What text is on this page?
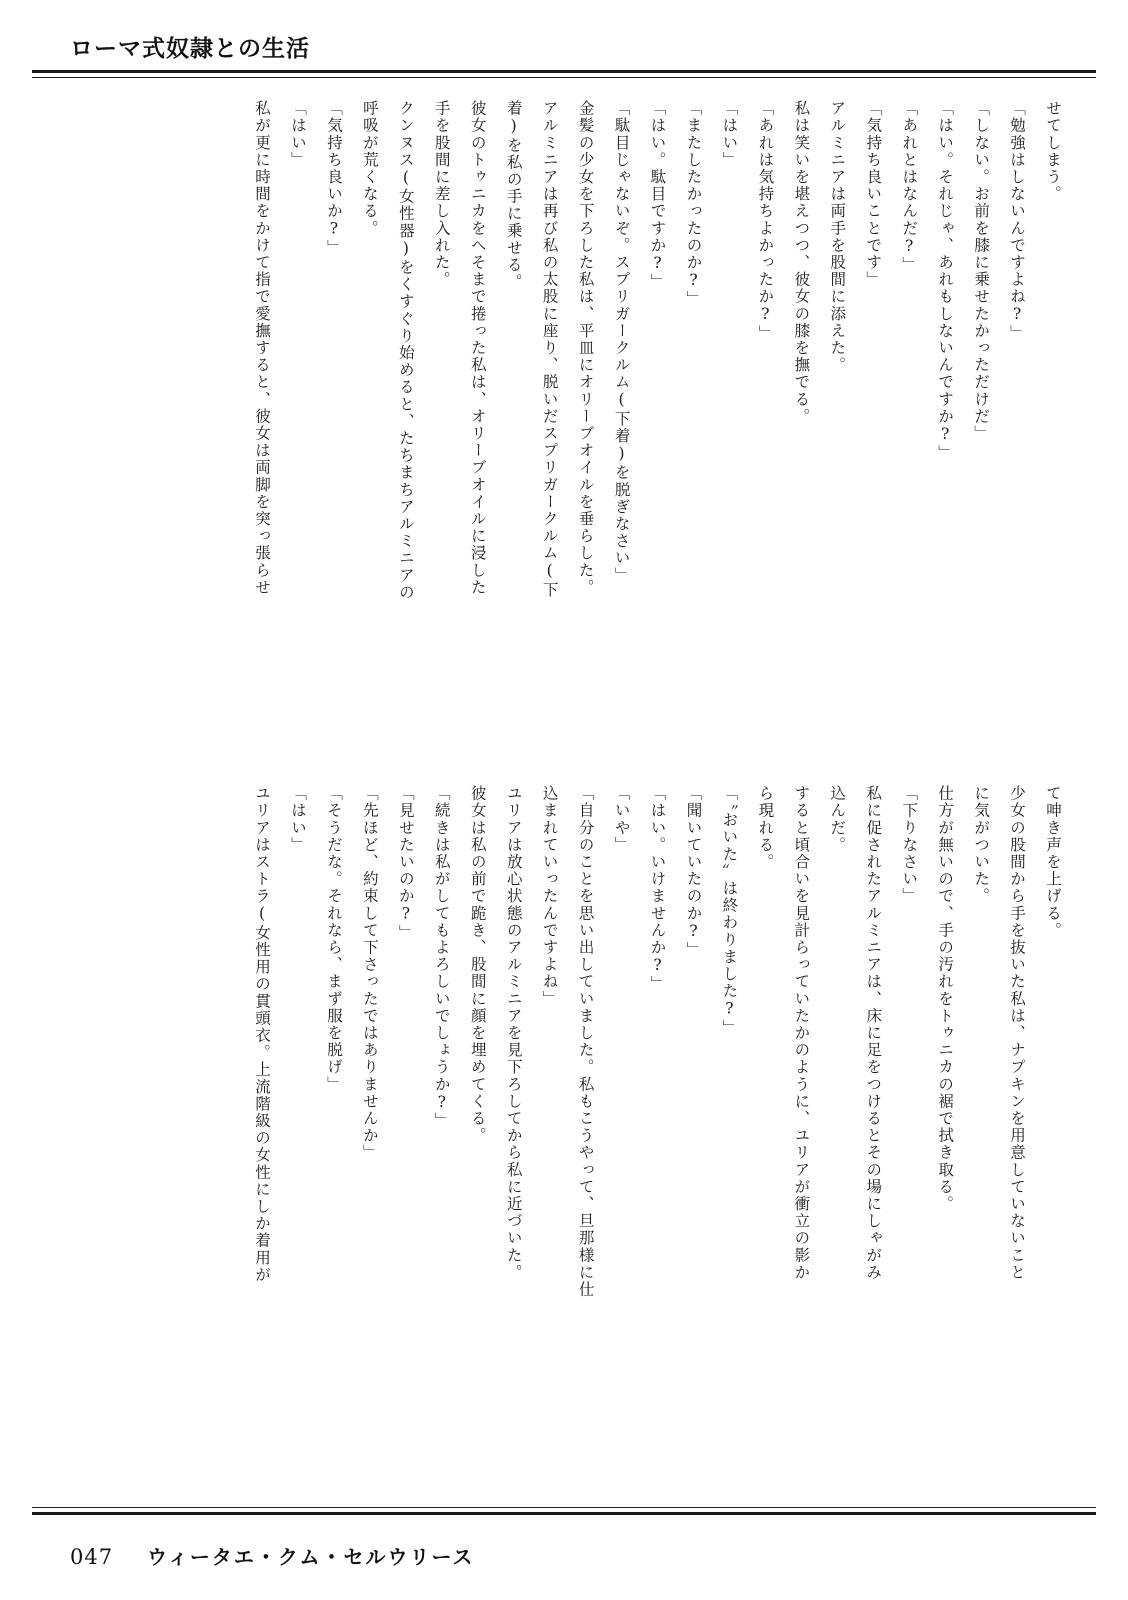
ローマ式奴隷との生活
せてしまう。
「勉強はしないんですよね?」
「しない。お前を膝に乗せたかっただけだ」
「はい。それじゃ、あれもしないんですか?」
「あれとはなんだ?」
「気持ち良いことです」
アルミニアは両手を股間に添えた。
私は笑いを堪えつつ、彼女の膝を撫でる。
「あれは気持ちよかったか?」
「はい」
「またしたかったのか?」
「はい。駄目ですか?」
「駄目じゃないぞ。スプリガークルム(下着)を脱ぎなさい」
金髪の少女を下ろした私は、平皿にオリーブオイルを垂らした。
アルミニアは再び私の太股に座り、脱いだスプリガークルム(下
着)を私の手に乗せる。
彼女のトゥニカをへそまで捲った私は、オリーブオイルに浸した
手を股間に差し入れた。
クンヌス(女性器)をくすぐり始めると、たちまちアルミニアの
呼吸が荒くなる。
「気持ち良いか?」
「はい」
私が更に時間をかけて指で愛撫すると、彼女は両脚を突っ張らせ
て呻き声を上げる。
少女の股間から手を抜いた私は、ナプキンを用意していないこと
に気がついた。
仕方が無いので、手の汚れをトゥニカの裾で拭き取る。
「下りなさい」
私に促されたアルミニアは、床に足をつけるとその場にしゃがみ
込んだ。
すると頃合いを見計らっていたかのように、ユリアが衝立の影か
ら現れる。
「〝おいた〟は終わりました?」
「聞いていたのか?」
「はい。いけませんか?」
「いや」
「自分のことを思い出していました。私もこうやって、旦那様に仕
込まれていったんですよね」
ユリアは放心状態のアルミニアを見下ろしてから私に近づいた。
彼女は私の前で跪き、股間に顔を埋めてくる。
「続きは私がしてもよろしいでしょうか?」
「見せたいのか?」
「先ほど、約束して下さったではありませんか」
「そうだな。それなら、まず服を脱げ」
「はい」
ユリアはストラ(女性用の貫頭衣。上流階級の女性にしか着用が
047 ウィータエ・クム・セルウリース
